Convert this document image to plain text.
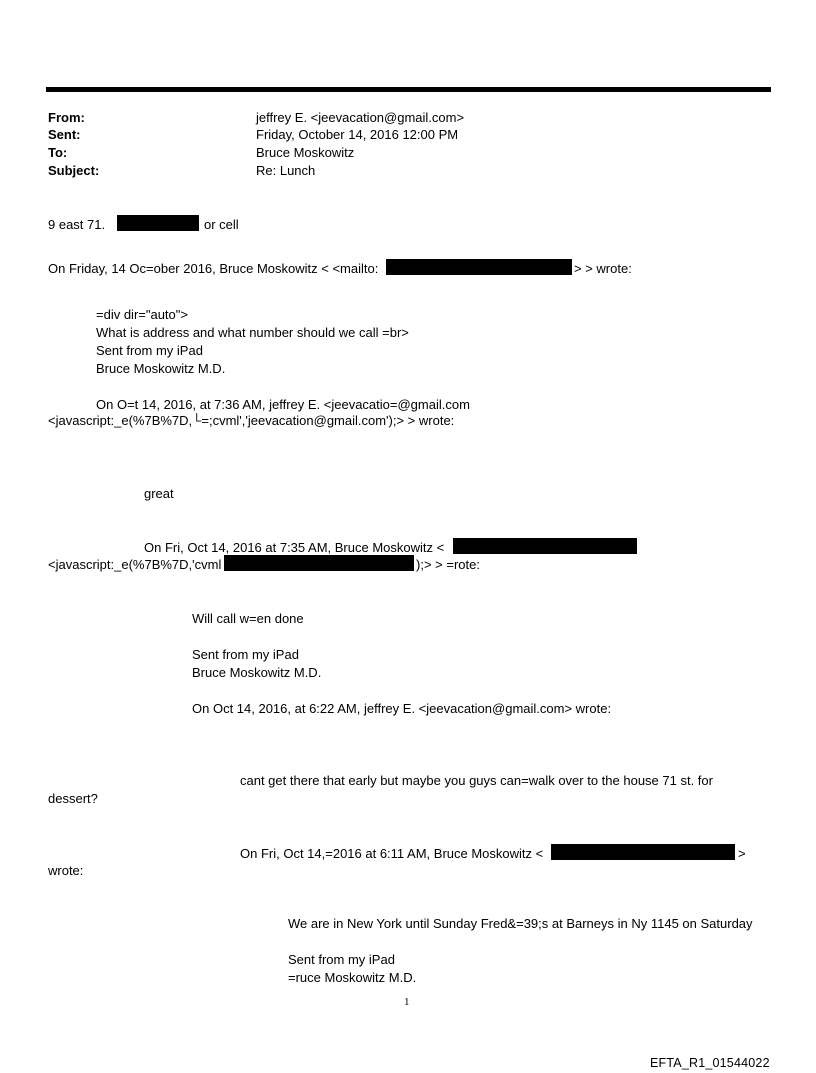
From:	jeffrey E. <jeevacation@gmail.com>
Sent:	Friday, October 14, 2016 12:00 PM
To:	Bruce Moskowitz
Subject:	Re: Lunch
9 east 71.	or cell
On Friday, 14 Oc=ober 2016, Bruce Moskowitz < <mailto:	> > wrote:
=div dir="auto">
What is address and what number should we call =br>
Sent from my iPad
Bruce Moskowitz M.D.
On O=t 14, 2016, at 7:36 AM, jeffrey E. <jeevacatio=@gmail.com
<javascript:_e(%7B%7D,└=;cvml','jeevacation@gmail.com');> > wrote:
great
On Fri, Oct 14, 2016 at 7:35 AM, Bruce Moskowitz <
<javascript:_e(%7B%7D,'cvml	);> > =rote:
Will call w=en done
Sent from my iPad
Bruce Moskowitz M.D.
On Oct 14, 2016, at 6:22 AM, jeffrey E. <jeevacation@gmail.com> wrote:
cant get there that early but maybe you guys can=walk over to the house 71 st. for
dessert?
On Fri, Oct 14,=2016 at 6:11 AM, Bruce Moskowitz <	>
wrote:
We are in New York until Sunday Fred&=39;s at Barneys in Ny 1145 on Saturday
Sent from my iPad
=ruce Moskowitz M.D.
1
EFTA_R1_01544022
